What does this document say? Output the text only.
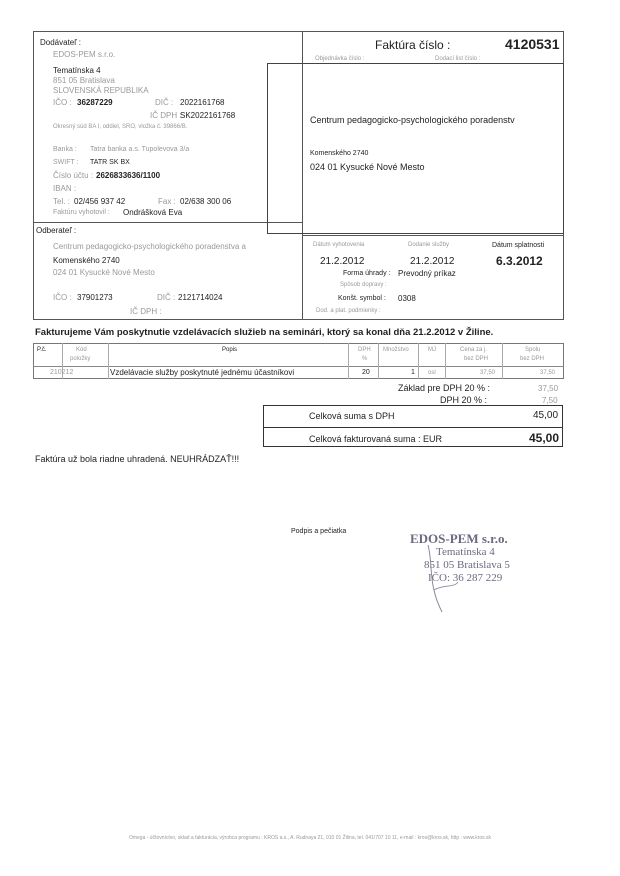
Dodávateľ :
EDOS-PEM s.r.o.
Tematínska 4
851 05 Bratislava
SLOVENSKÁ REPUBLIKA
IČO : 36287229	DIČ : 2022161768
IČ DPH :
SK2022161768
Okresný súd BA I, oddiel, SRO, vložka č. 39866/B.
Banka : Tatra banka a.s. Tupolevova 3/a
SWIFT : TATR SK BX
Číslo účtu : 2626833636/1100
IBAN :
Tel. : 02/456 937 42	Fax : 02/638 300 06
Faktúru vyhotovil : Ondrášková Eva
Faktúra číslo :	4120531
Objednávka číslo :	Dodací list číslo :
Centrum pedagogicko-psychologického poradenstv
Komenského 2740
024 01 Kysucké Nové Mesto
Odberateľ :
Centrum pedagogicko-psychologického poradenstva a
Komenského 2740
024 01 Kysucké Nové Mesto
IČO : 37901273	DIČ : 2121714024
IČ DPH :
Dátum vyhotovenia
21.2.2012
Dodanie služby
21.2.2012
Dátum splatnosti
6.3.2012
Forma úhrady : Prevodný príkaz
Spôsob dopravy :
Konšt. symbol : 0308
Dod. a plat. podmienky :
Fakturujeme Vám poskytnutie vzdelávacích služieb na seminári, ktorý sa konal dňa 21.2.2012 v Žiline.
P.č.	Kód
položky
Popis	DPH
%
Množstvo	MJ	Cena za j.
bez DPH
Spolu
bez DPH
210212	Vzdelávacie služby poskytnuté jednému účastníkovi	20	1 osl	37,50	37,50
Základ pre DPH 20 % :	37,50
DPH 20 % :	7,50
Celková suma s DPH	45,00
Celková fakturovaná suma : EUR	45,00
Faktúra už bola riadne uhradená. NEUHRÁDZAŤ!!!
Podpis a pečiatka	EDOS-PEM s.r.o.
Tematínska 4
851 05 Bratislava 5
IČO: 36 287 229
Omega - účtovníctvo, sklad a fakturácia, výrobca programu : KROS a.s., A. Rudnaya 21, 010 01 Žilina, tel. 041/707 10 11, e-mail : kros@kros.sk, http : www.kros.sk
